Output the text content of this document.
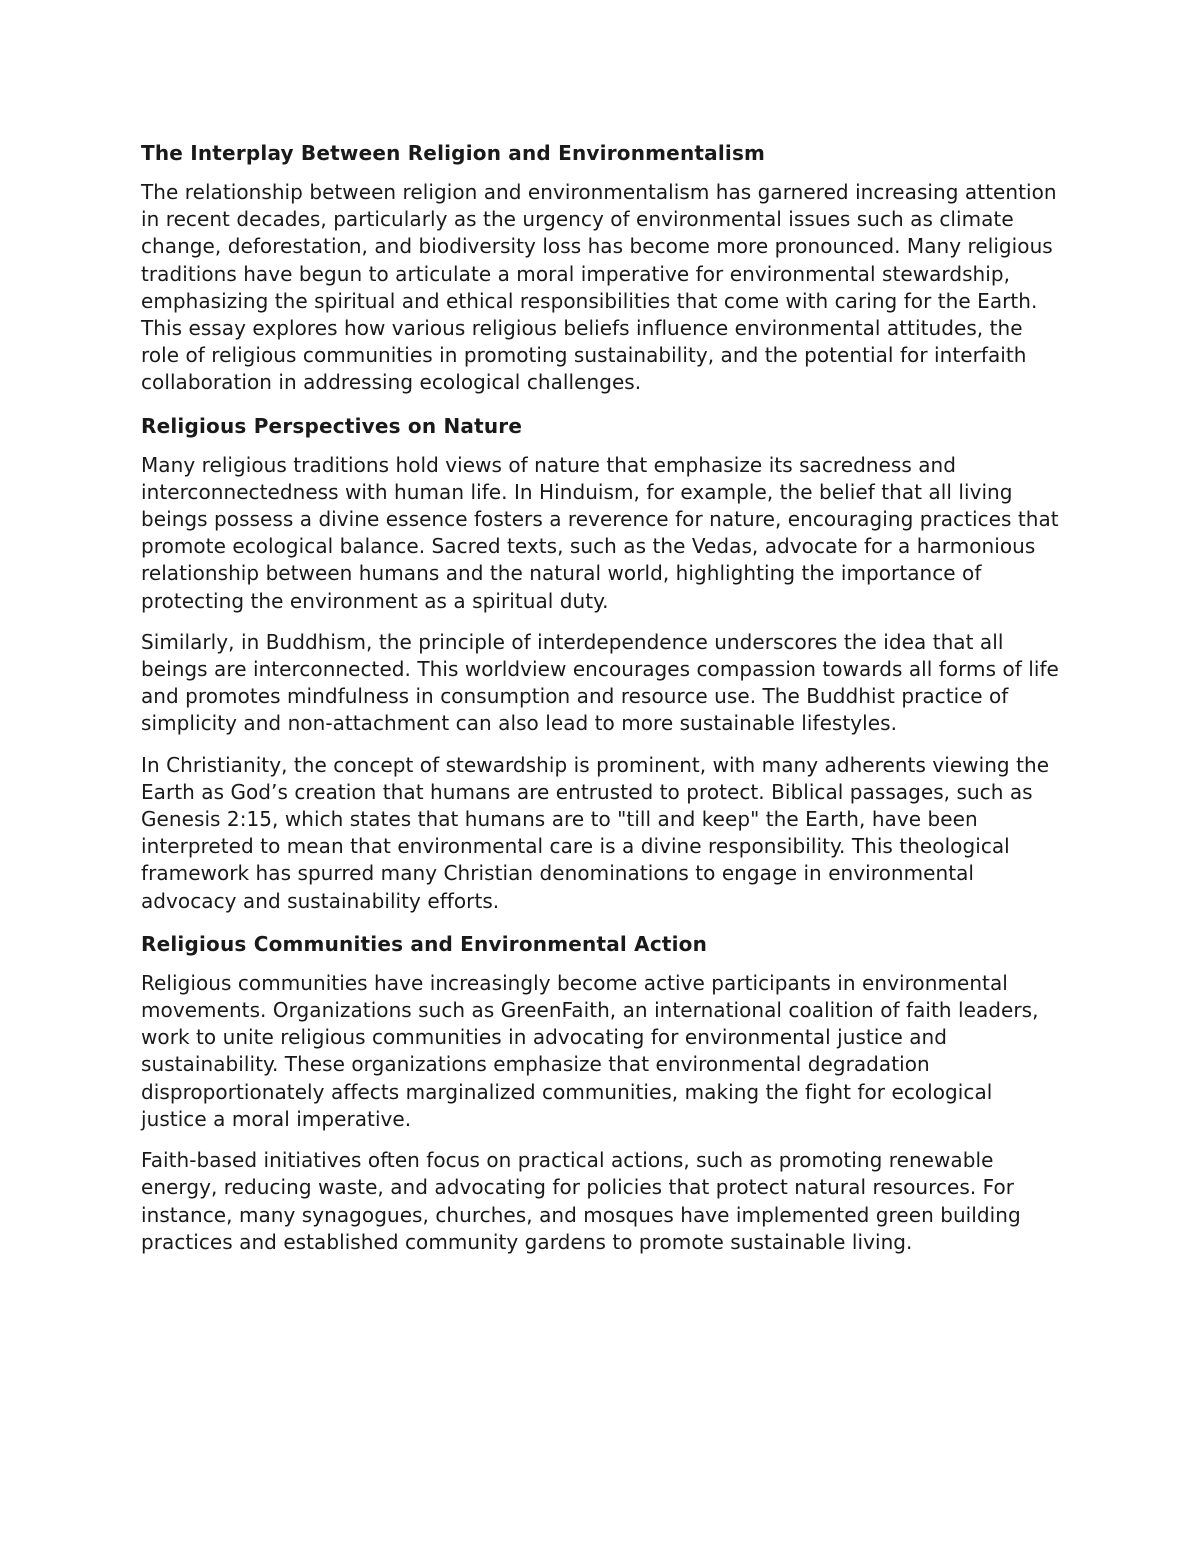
The Interplay Between Religion and Environmentalism

The relationship between religion and environmentalism has garnered increasing attention in recent decades, particularly as the urgency of environmental issues such as climate change, deforestation, and biodiversity loss has become more pronounced. Many religious traditions have begun to articulate a moral imperative for environmental stewardship, emphasizing the spiritual and ethical responsibilities that come with caring for the Earth. This essay explores how various religious beliefs influence environmental attitudes, the role of religious communities in promoting sustainability, and the potential for interfaith collaboration in addressing ecological challenges.

Religious Perspectives on Nature

Many religious traditions hold views of nature that emphasize its sacredness and interconnectedness with human life. In Hinduism, for example, the belief that all living beings possess a divine essence fosters a reverence for nature, encouraging practices that promote ecological balance. Sacred texts, such as the Vedas, advocate for a harmonious relationship between humans and the natural world, highlighting the importance of protecting the environment as a spiritual duty.

Similarly, in Buddhism, the principle of interdependence underscores the idea that all beings are interconnected. This worldview encourages compassion towards all forms of life and promotes mindfulness in consumption and resource use. The Buddhist practice of simplicity and non-attachment can also lead to more sustainable lifestyles.

In Christianity, the concept of stewardship is prominent, with many adherents viewing the Earth as God’s creation that humans are entrusted to protect. Biblical passages, such as Genesis 2:15, which states that humans are to "till and keep" the Earth, have been interpreted to mean that environmental care is a divine responsibility. This theological framework has spurred many Christian denominations to engage in environmental advocacy and sustainability efforts.

Religious Communities and Environmental Action

Religious communities have increasingly become active participants in environmental movements. Organizations such as GreenFaith, an international coalition of faith leaders, work to unite religious communities in advocating for environmental justice and sustainability. These organizations emphasize that environmental degradation disproportionately affects marginalized communities, making the fight for ecological justice a moral imperative.

Faith-based initiatives often focus on practical actions, such as promoting renewable energy, reducing waste, and advocating for policies that protect natural resources. For instance, many synagogues, churches, and mosques have implemented green building practices and established community gardens to promote sustainable living.
